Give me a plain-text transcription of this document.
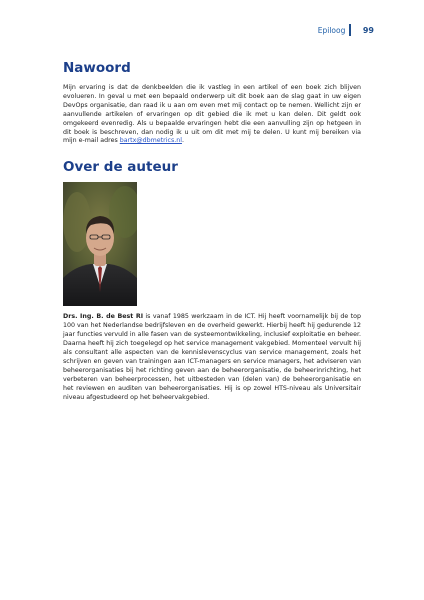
Epiloog	99
Nawoord

Mijn ervaring is dat de denkbeelden die ik vastleg in een artikel of een boek zich blijven evolueren. In geval u met een bepaald onderwerp uit dit boek aan de slag gaat in uw eigen DevOps organisatie, dan raad ik u aan om even met mij contact op te nemen. Wellicht zijn er aanvullende artikelen of ervaringen op dit gebied die ik met u kan delen. Dit geldt ook omgekeerd evenredig. Als u bepaalde ervaringen hebt die een aanvulling zijn op hetgeen in dit boek is beschreven, dan nodig ik u uit om dit met mij te delen. U kunt mij bereiken via mijn e-mail adres bartx@dbmetrics.nl.

Over de auteur

Drs. Ing. B. de Best RI is vanaf 1985 werkzaam in de ICT. Hij heeft voornamelijk bij de top 100 van het Nederlandse bedrijfsleven en de overheid gewerkt. Hierbij heeft hij gedurende 12 jaar functies vervuld in alle fasen van de systeemontwikkeling, inclusief exploitatie en beheer. Daarna heeft hij zich toegelegd op het service management vakgebied. Momenteel vervult hij als consultant alle aspecten van de kennislevenscyclus van service management, zoals het schrijven en geven van trainingen aan ICT-managers en service managers, het adviseren van beheerorganisaties bij het richting geven aan de beheerorganisatie, de beheerinrichting, het verbeteren van beheerprocessen, het uitbesteden van (delen van) de beheerorganisatie en het reviewen en auditen van beheerorganisaties. Hij is op zowel HTS-niveau als Universitair niveau afgestudeerd op het beheervakgebied.
